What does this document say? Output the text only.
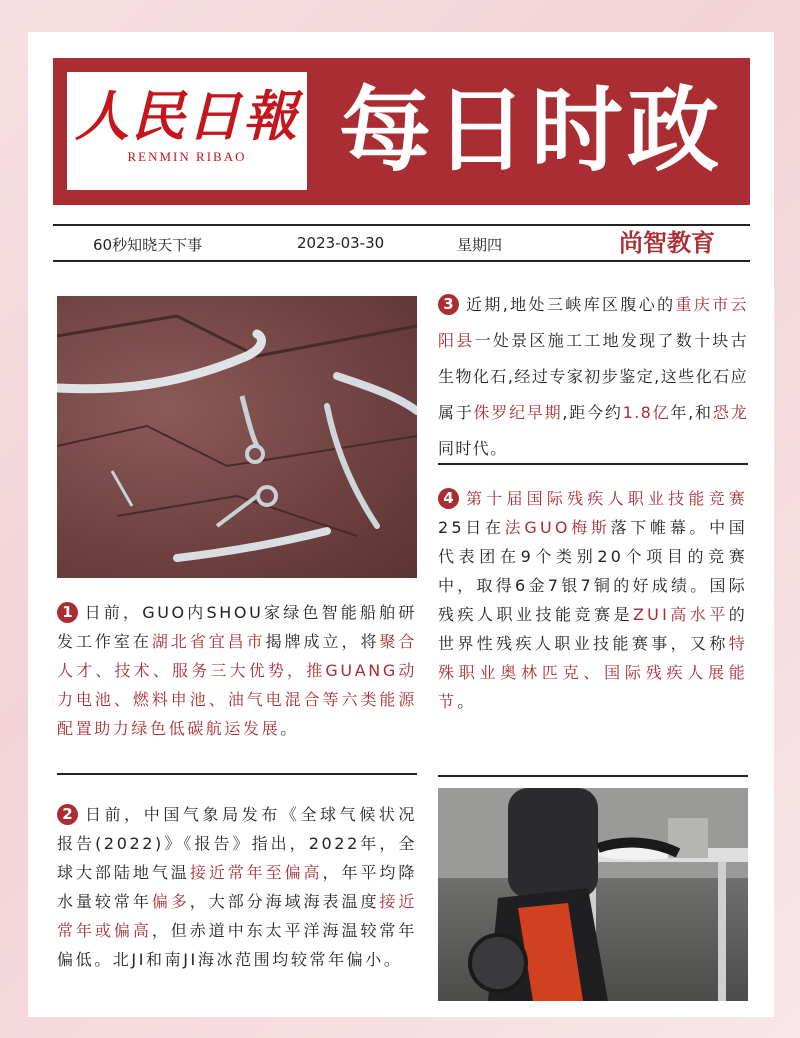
人民日報
RENMIN RIBAO	每日时政
60秒知晓天下事	2023-03-30	星期四	尚智教育
1 日前，GUO内SHOU家绿色智能船舶研发工作室在湖北省宜昌市揭牌成立，将聚合人才、技术、服务三大优势，推GUANG动力电池、燃料申池、油气电混合等六类能源配置助力绿色低碳航运发展。
2 日前，中国气象局发布《全球气候状况报告(2022)》《报告》指出，2022年，全球大部陆地气温接近常年至偏高，年平均降水量较常年偏多，大部分海域海表温度接近常年或偏高，但赤道中东太平洋海温较常年偏低。北JI和南JI海冰范围均较常年偏小。
3 近期,地处三峡库区腹心的重庆市云阳县一处景区施工工地发现了数十块古生物化石,经过专家初步鉴定,这些化石应属于侏罗纪早期,距今约1.8亿年,和恐龙同时代。
4 第十届国际残疾人职业技能竞赛25日在法GUO梅斯落下帷幕。中国代表团在9个类别20个项目的竞赛中，取得6金7银7铜的好成绩。国际残疾人职业技能竞赛是ZUI高水平的世界性残疾人职业技能赛事，又称特殊职业奥林匹克、国际残疾人展能节。
